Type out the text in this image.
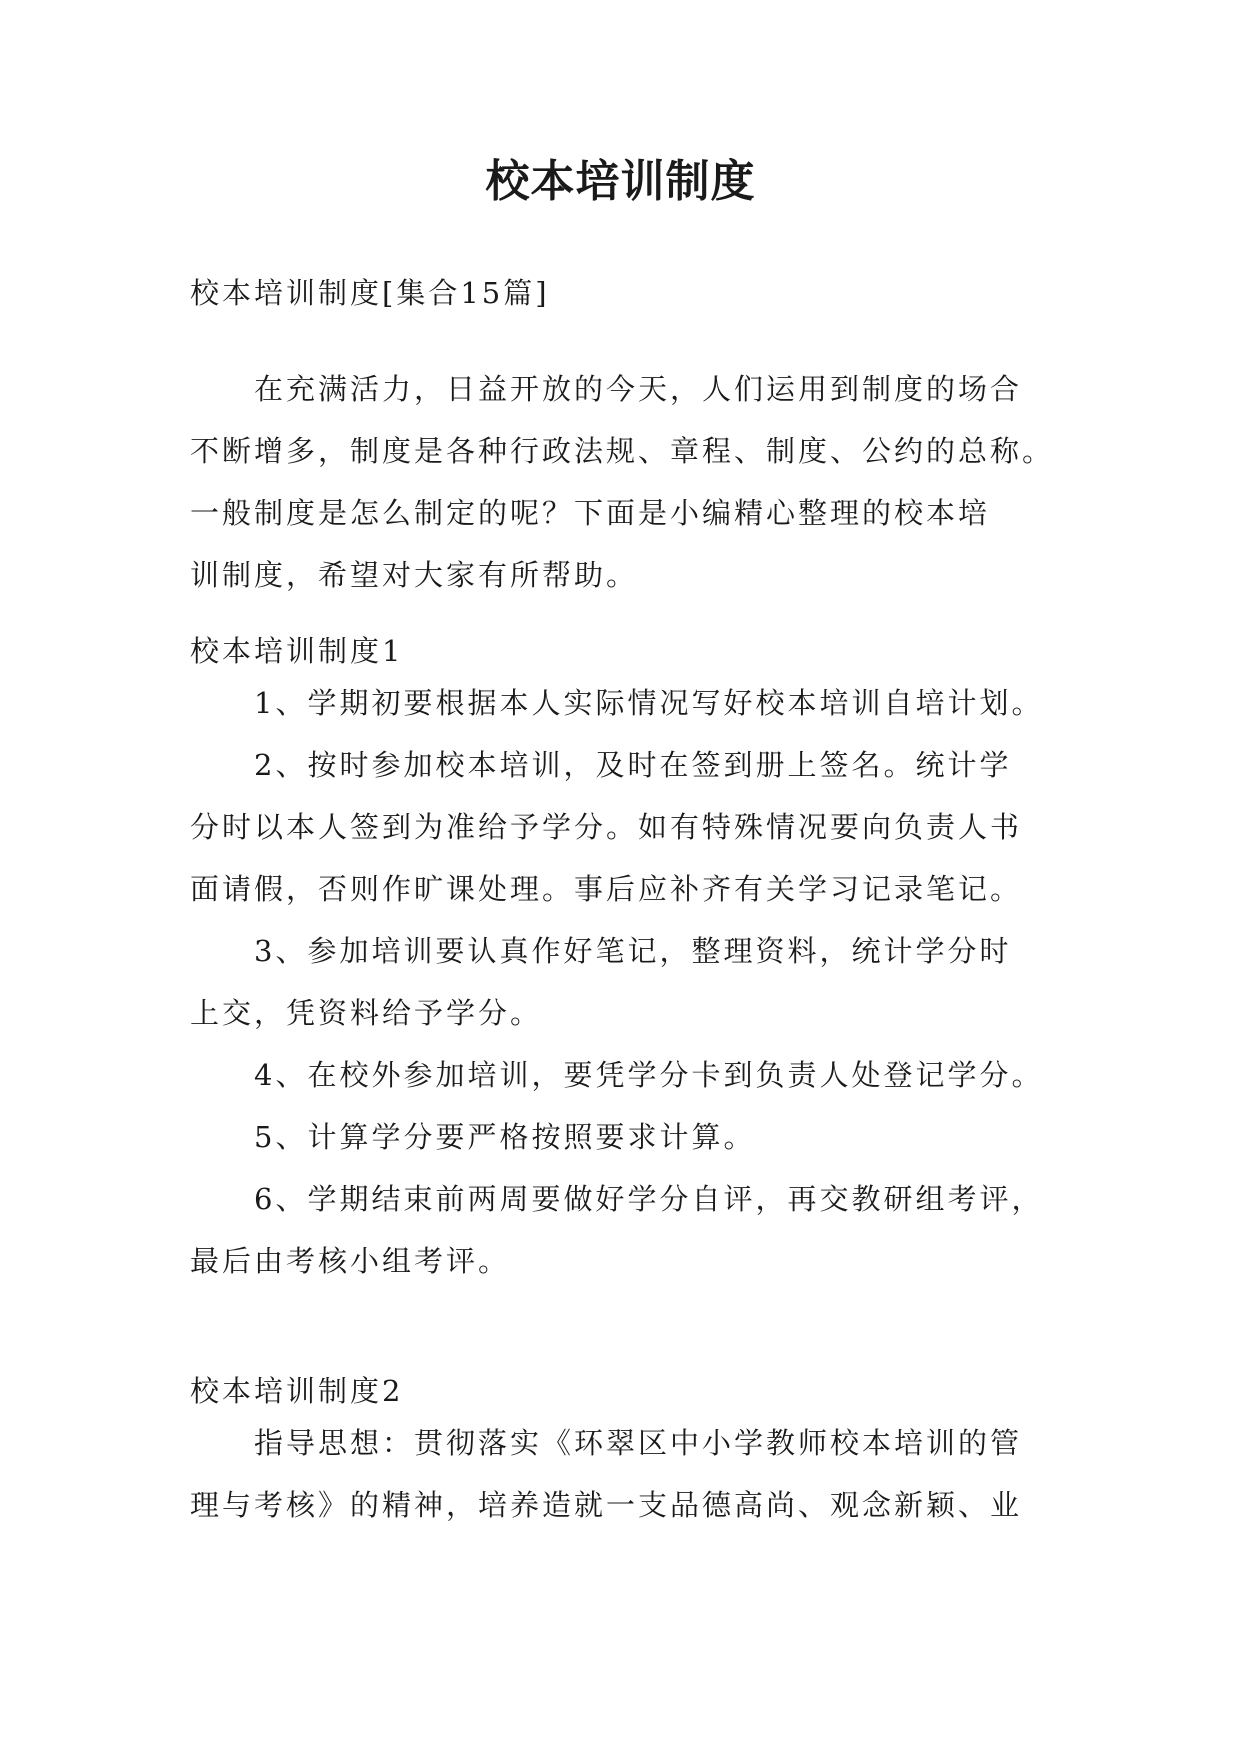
校本培训制度
校本培训制度[集合15篇]
在充满活力，日益开放的今天，人们运用到制度的场合
不断增多，制度是各种行政法规、章程、制度、公约的总称。
一般制度是怎么制定的呢？下面是小编精心整理的校本培
训制度，希望对大家有所帮助。
校本培训制度1
1、学期初要根据本人实际情况写好校本培训自培计划。
2、按时参加校本培训，及时在签到册上签名。统计学
分时以本人签到为准给予学分。如有特殊情况要向负责人书
面请假，否则作旷课处理。事后应补齐有关学习记录笔记。
3、参加培训要认真作好笔记，整理资料，统计学分时
上交，凭资料给予学分。
4、在校外参加培训，要凭学分卡到负责人处登记学分。
5、计算学分要严格按照要求计算。
6、学期结束前两周要做好学分自评，再交教研组考评，
最后由考核小组考评。
校本培训制度2
指导思想：贯彻落实《环翠区中小学教师校本培训的管
理与考核》的精神，培养造就一支品德高尚、观念新颖、业
